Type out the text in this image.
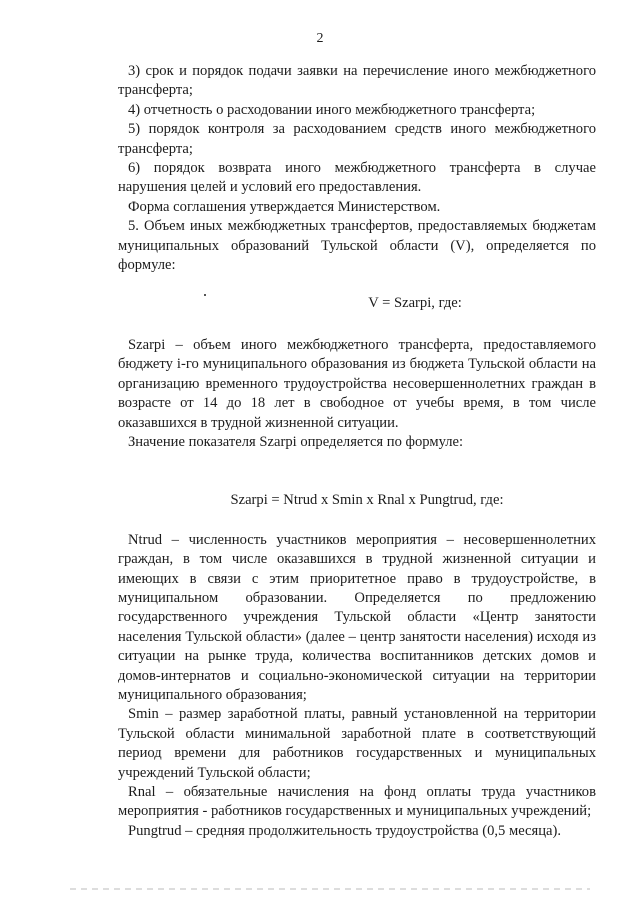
2

3) срок и порядок подачи заявки на перечисление иного межбюджетного трансферта;

4) отчетность о расходовании иного межбюджетного трансферта;

5) порядок контроля за расходованием средств иного межбюджетного трансферта;

6) порядок возврата иного межбюджетного трансферта в случае нарушения целей и условий его предоставления.

Форма соглашения утверждается Министерством.

5. Объем иных межбюджетных трансфертов, предоставляемых бюджетам муниципальных образований Тульской области (V), определяется по формуле:

V = Szarpi, где:

Szarpi – объем иного межбюджетного трансферта, предоставляемого бюджету i-го муниципального образования из бюджета Тульской области на организацию временного трудоустройства несовершеннолетних граждан в возрасте от 14 до 18 лет в свободное от учебы время, в том числе оказавшихся в трудной жизненной ситуации.

Значение показателя Szarpi определяется по формуле:

Szarpi = Ntrud x Smin x Rnal x Pungtrud, где:

Ntrud – численность участников мероприятия – несовершеннолетних граждан, в том числе оказавшихся в трудной жизненной ситуации и имеющих в связи с этим приоритетное право в трудоустройстве, в муниципальном образовании. Определяется по предложению государственного учреждения Тульской области «Центр занятости населения Тульской области» (далее – центр занятости населения) исходя из ситуации на рынке труда, количества воспитанников детских домов и домов-интернатов и социально-экономической ситуации на территории муниципального образования;

Smin – размер заработной платы, равный установленной на территории Тульской области минимальной заработной плате в соответствующий период времени для работников государственных и муниципальных учреждений Тульской области;

Rnal – обязательные начисления на фонд оплаты труда участников мероприятия - работников государственных и муниципальных учреждений;

Pungtrud – средняя продолжительность трудоустройства (0,5 месяца).
